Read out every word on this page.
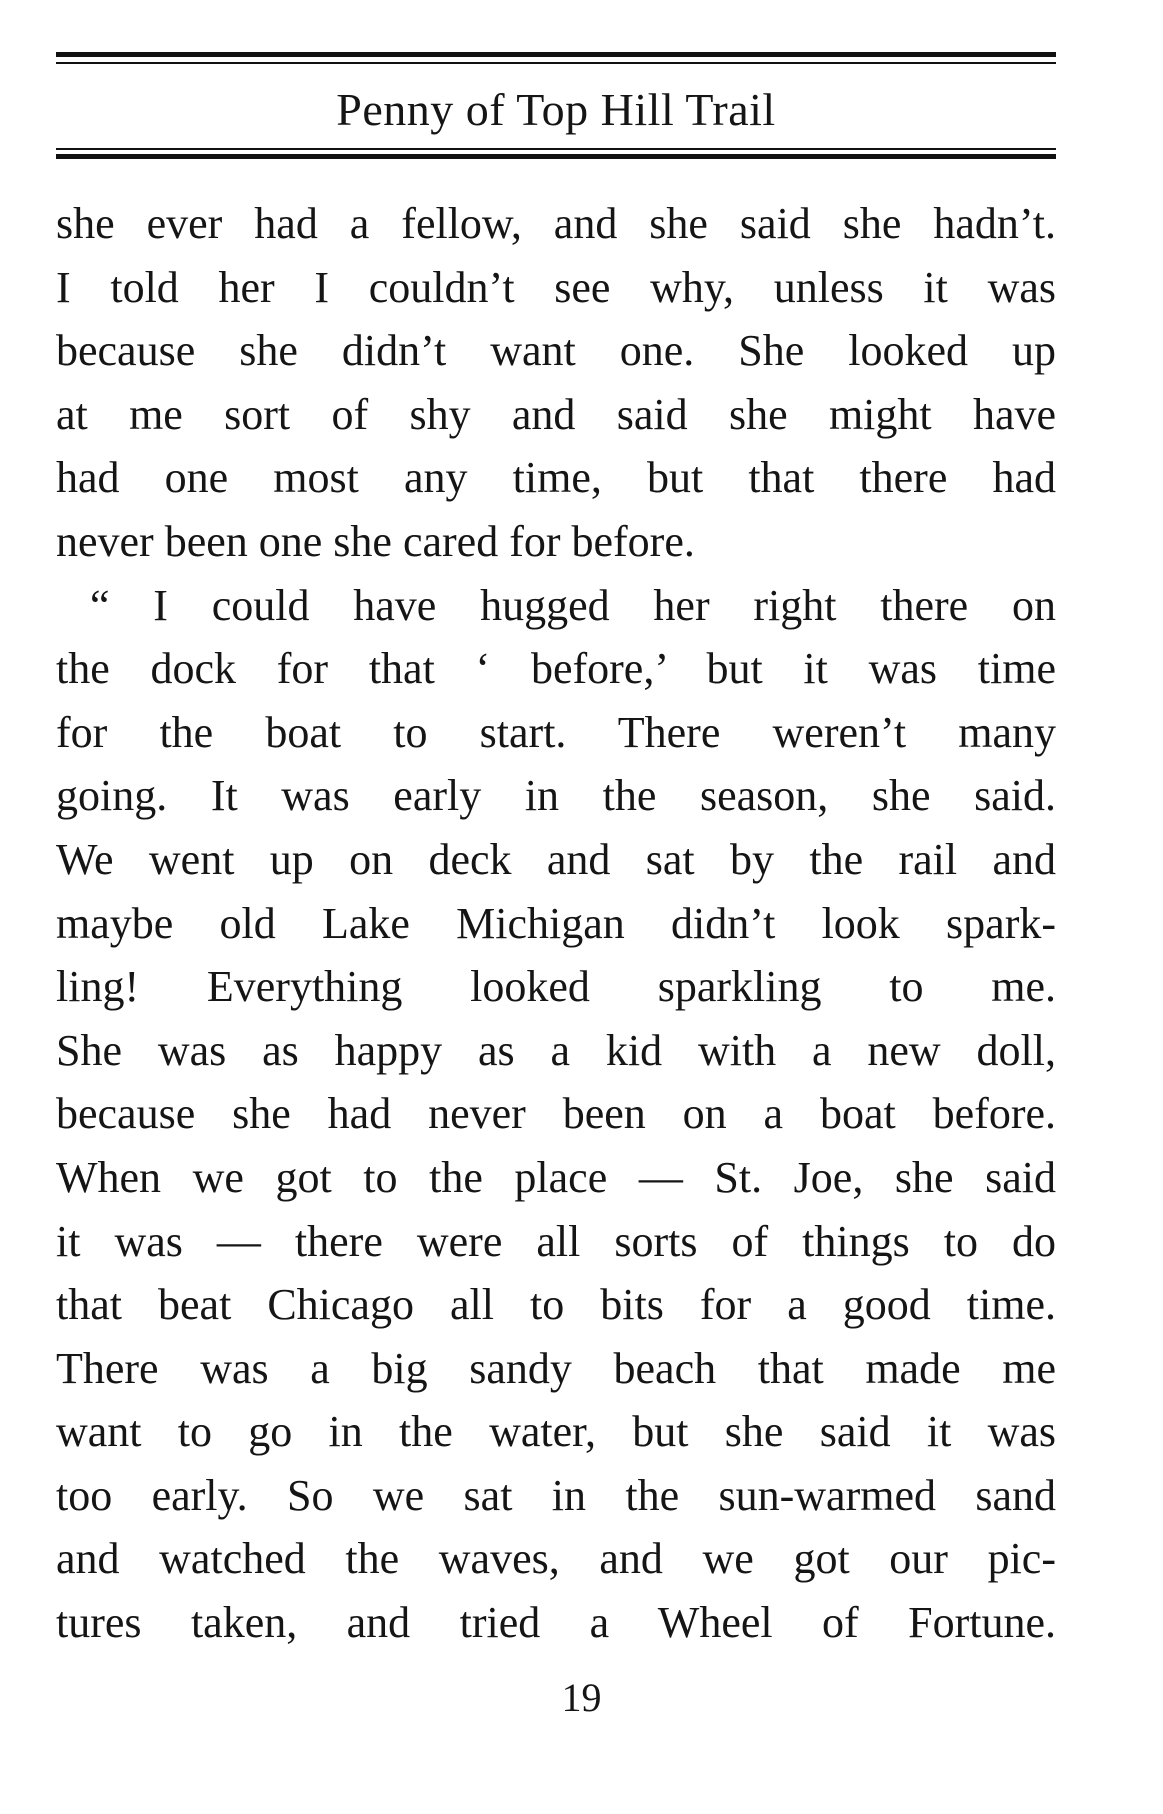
Penny of Top Hill Trail
she ever had a fellow, and she said she hadn’t.
I told her I couldn’t see why, unless it was
because she didn’t want one. She looked up
at me sort of shy and said she might have
had one most any time, but that there had
never been one she cared for before.
“ I could have hugged her right there on
the dock for that ‘ before,’ but it was time
for the boat to start. There weren’t many
going. It was early in the season, she said.
We went up on deck and sat by the rail and
maybe old Lake Michigan didn’t look spark-
ling! Everything looked sparkling to me.
She was as happy as a kid with a new doll,
because she had never been on a boat before.
When we got to the place — St. Joe, she said
it was — there were all sorts of things to do
that beat Chicago all to bits for a good time.
There was a big sandy beach that made me
want to go in the water, but she said it was
too early. So we sat in the sun-warmed sand
and watched the waves, and we got our pic-
tures taken, and tried a Wheel of Fortune.
19
